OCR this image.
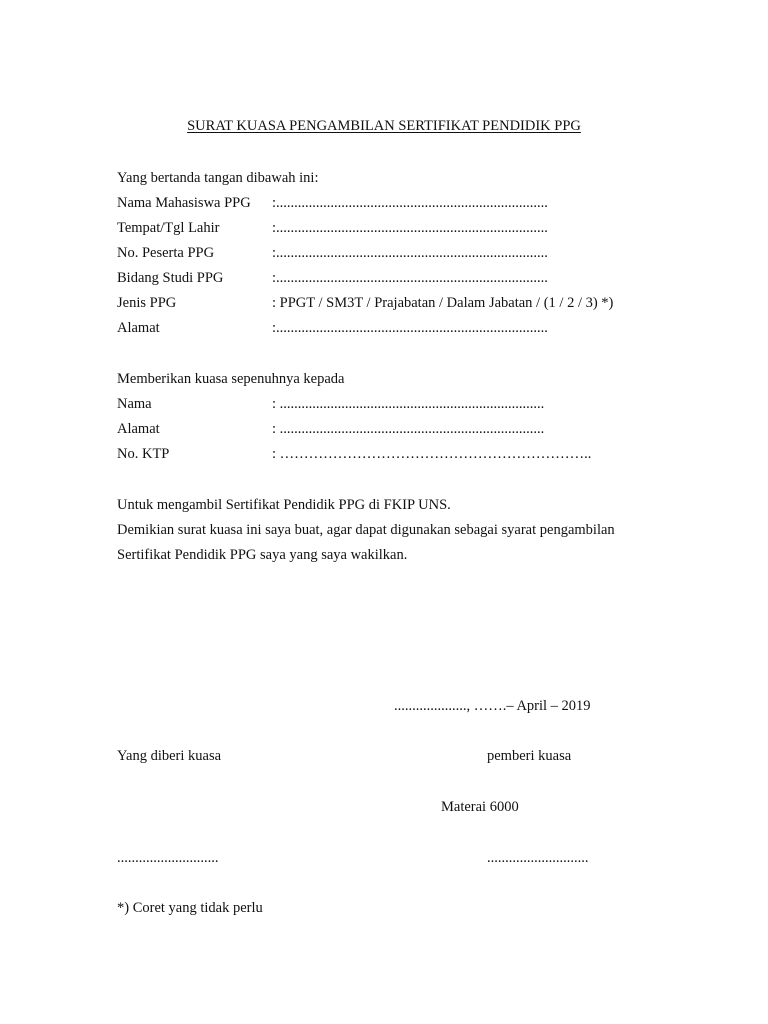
SURAT KUASA PENGAMBILAN SERTIFIKAT PENDIDIK PPG
Yang bertanda tangan dibawah ini:
Nama Mahasiswa PPG :...........................................................................
Tempat/Tgl Lahir	:...........................................................................
No. Peserta PPG	:...........................................................................
Bidang Studi PPG	:...........................................................................
Jenis PPG	: PPGT / SM3T / Prajabatan / Dalam Jabatan / (1 / 2 / 3) *)
Alamat	:...........................................................................
Memberikan kuasa sepenuhnya kepada
Nama	: .........................................................................
Alamat	: .........................................................................
No. KTP	: ………………………………………………………..
Untuk mengambil Sertifikat Pendidik PPG di FKIP UNS.
Demikian surat kuasa ini saya buat, agar dapat digunakan sebagai syarat pengambilan
Sertifikat Pendidik PPG saya yang saya wakilkan.
...................., …….– April – 2019
Yang diberi kuasa	pemberi kuasa
Materai 6000
............................	............................
*) Coret yang tidak perlu
